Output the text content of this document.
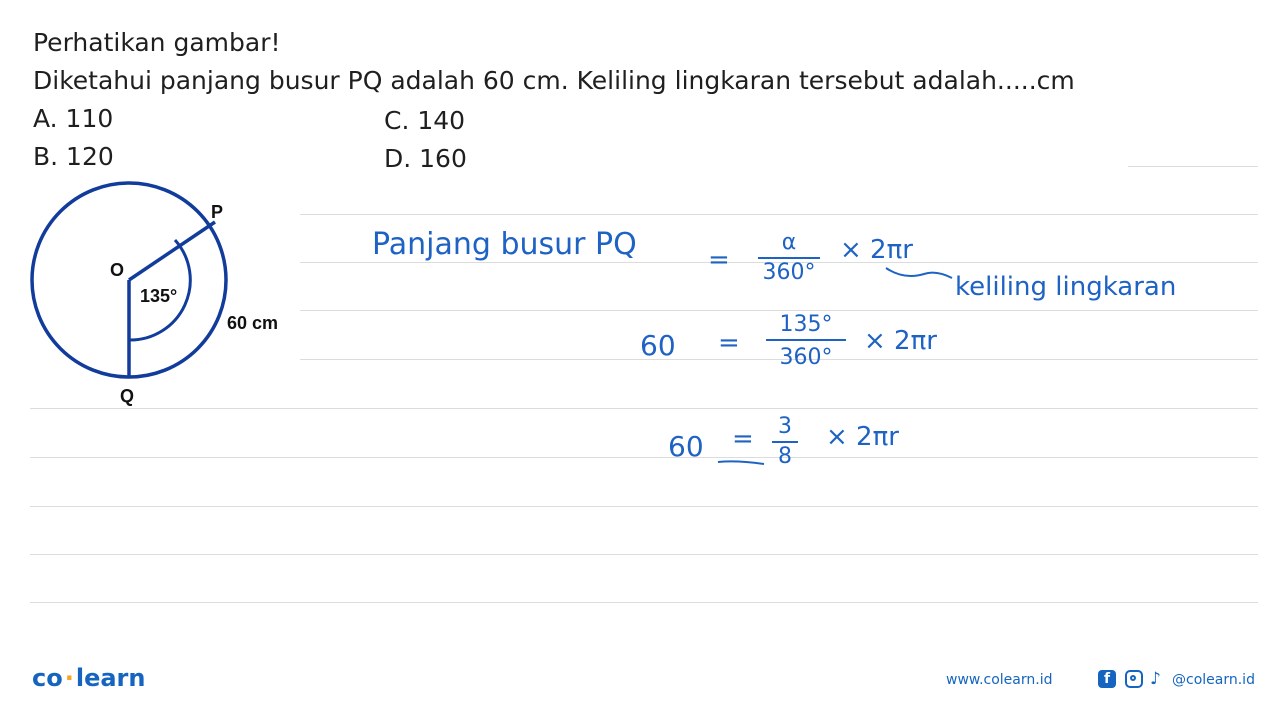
Perhatikan gambar!
Diketahui panjang busur PQ adalah 60 cm. Keliling lingkaran tersebut adalah.....cm
A. 110
B. 120
C. 140
D. 160
P
O
Q
135°
60 cm
Panjang busur PQ	=
α
360°
× 2πr
keliling lingkaran
60 =
135°
360°
× 2πr
60 = 3
8
× 2πr
co·learn	www.colearn.id	f	♪ @colearn.id
